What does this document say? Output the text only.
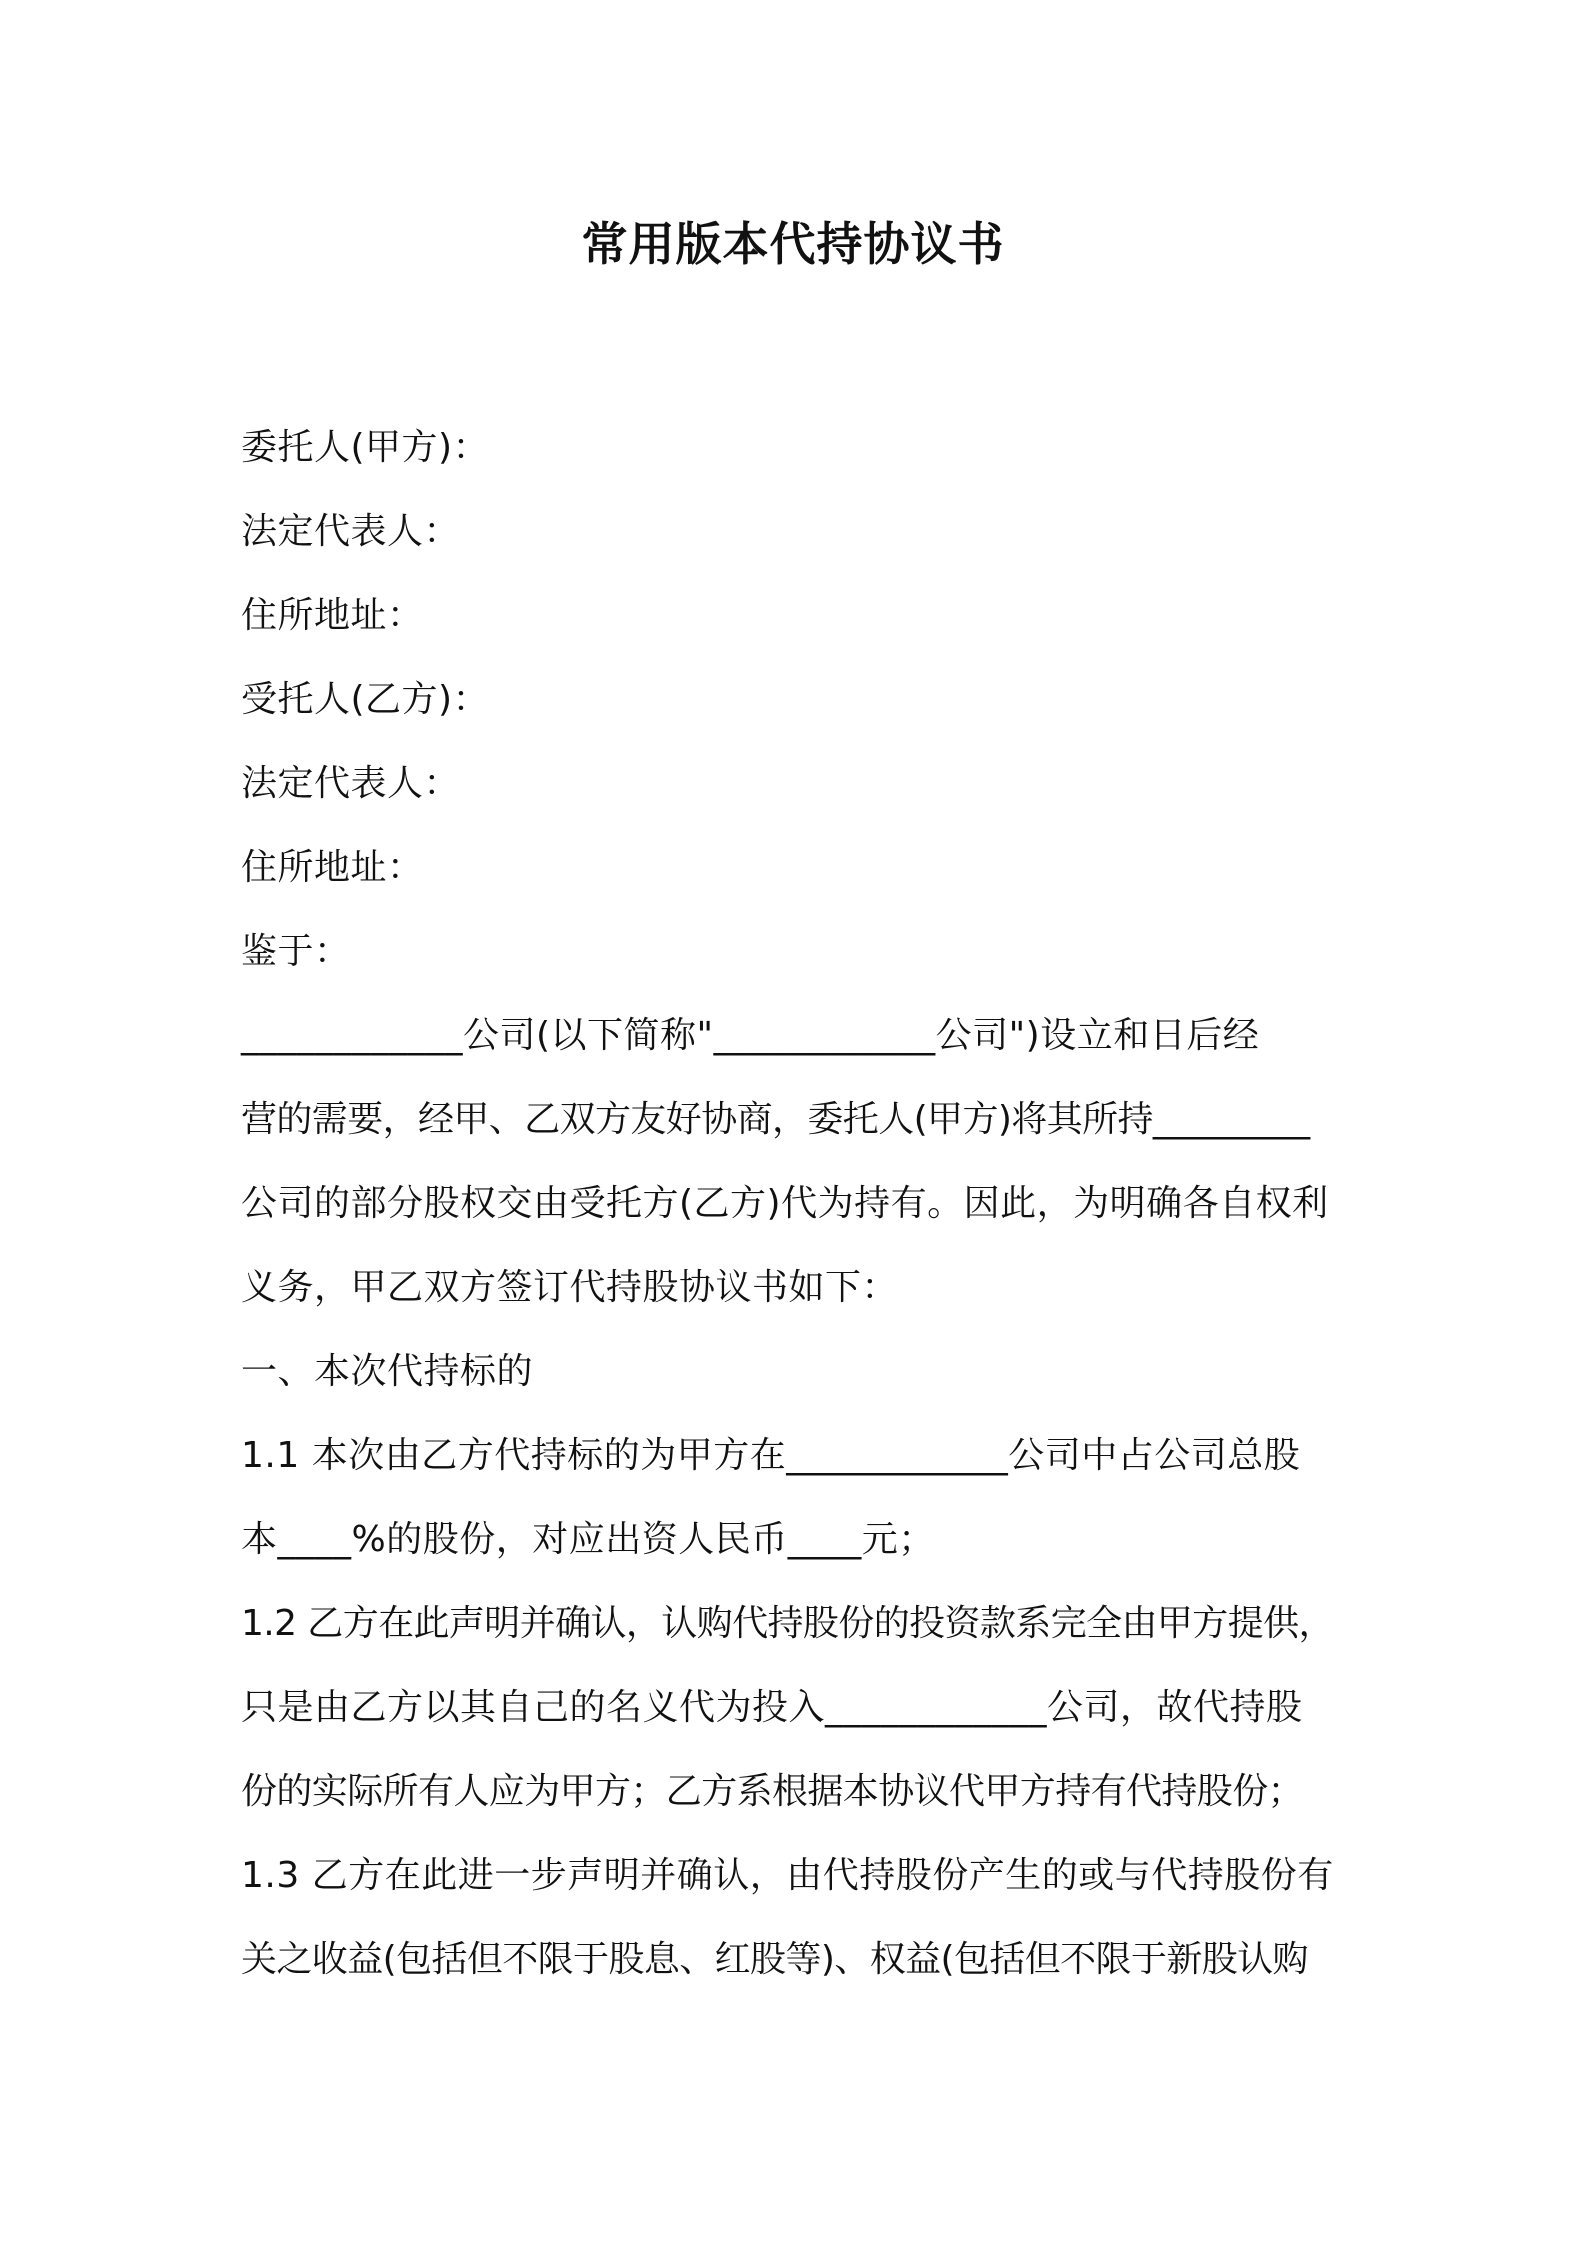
常用版本代持协议书
委托人(甲方)：
法定代表人：
住所地址：
受托人(乙方)：
法定代表人：
住所地址：
鉴于：
____________公司(以下简称"____________公司")设立和日后经
营的需要，经甲、乙双方友好协商，委托人(甲方)将其所持_________
公司的部分股权交由受托方(乙方)代为持有。因此，为明确各自权利
义务，甲乙双方签订代持股协议书如下：
一、本次代持标的
1.1 本次由乙方代持标的为甲方在____________公司中占公司总股
本____%的股份，对应出资人民币____元；
1.2 乙方在此声明并确认，认购代持股份的投资款系完全由甲方提供，
只是由乙方以其自己的名义代为投入____________公司，故代持股
份的实际所有人应为甲方；乙方系根据本协议代甲方持有代持股份；
1.3 乙方在此进一步声明并确认，由代持股份产生的或与代持股份有
关之收益(包括但不限于股息、红股等)、权益(包括但不限于新股认购
